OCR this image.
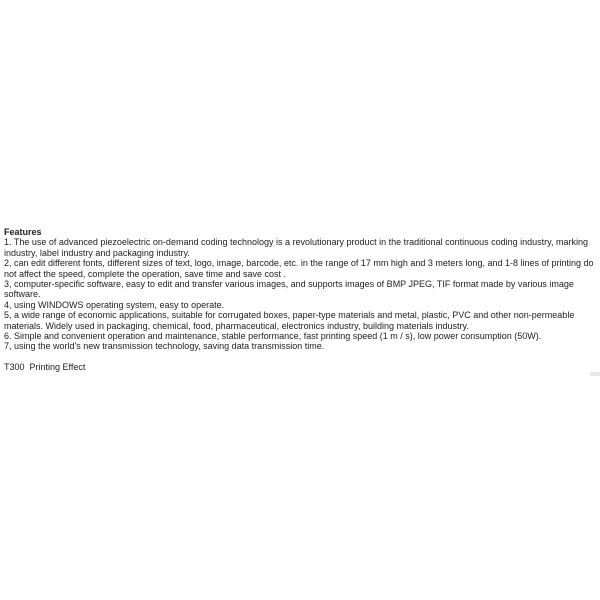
Features

1. The use of advanced piezoelectric on-demand coding technology is a revolutionary product in the traditional continuous coding industry, marking industry, label industry and packaging industry.
2, can edit different fonts, different sizes of text, logo, image, barcode, etc. in the range of 17 mm high and 3 meters long, and 1-8 lines of printing do not affect the speed, complete the operation, save time and save cost .
3, computer-specific software, easy to edit and transfer various images, and supports images of BMP JPEG, TIF format made by various image software.
4, using WINDOWS operating system, easy to operate.
5, a wide range of economic applications, suitable for corrugated boxes, paper-type materials and metal, plastic, PVC and other non-permeable materials. Widely used in packaging, chemical, food, pharmaceutical, electronics industry, building materials industry.
6. Simple and convenient operation and maintenance, stable performance, fast printing speed (1 m / s), low power consumption (50W).
7, using the world's new transmission technology, saving data transmission time.
T300  Printing Effect
